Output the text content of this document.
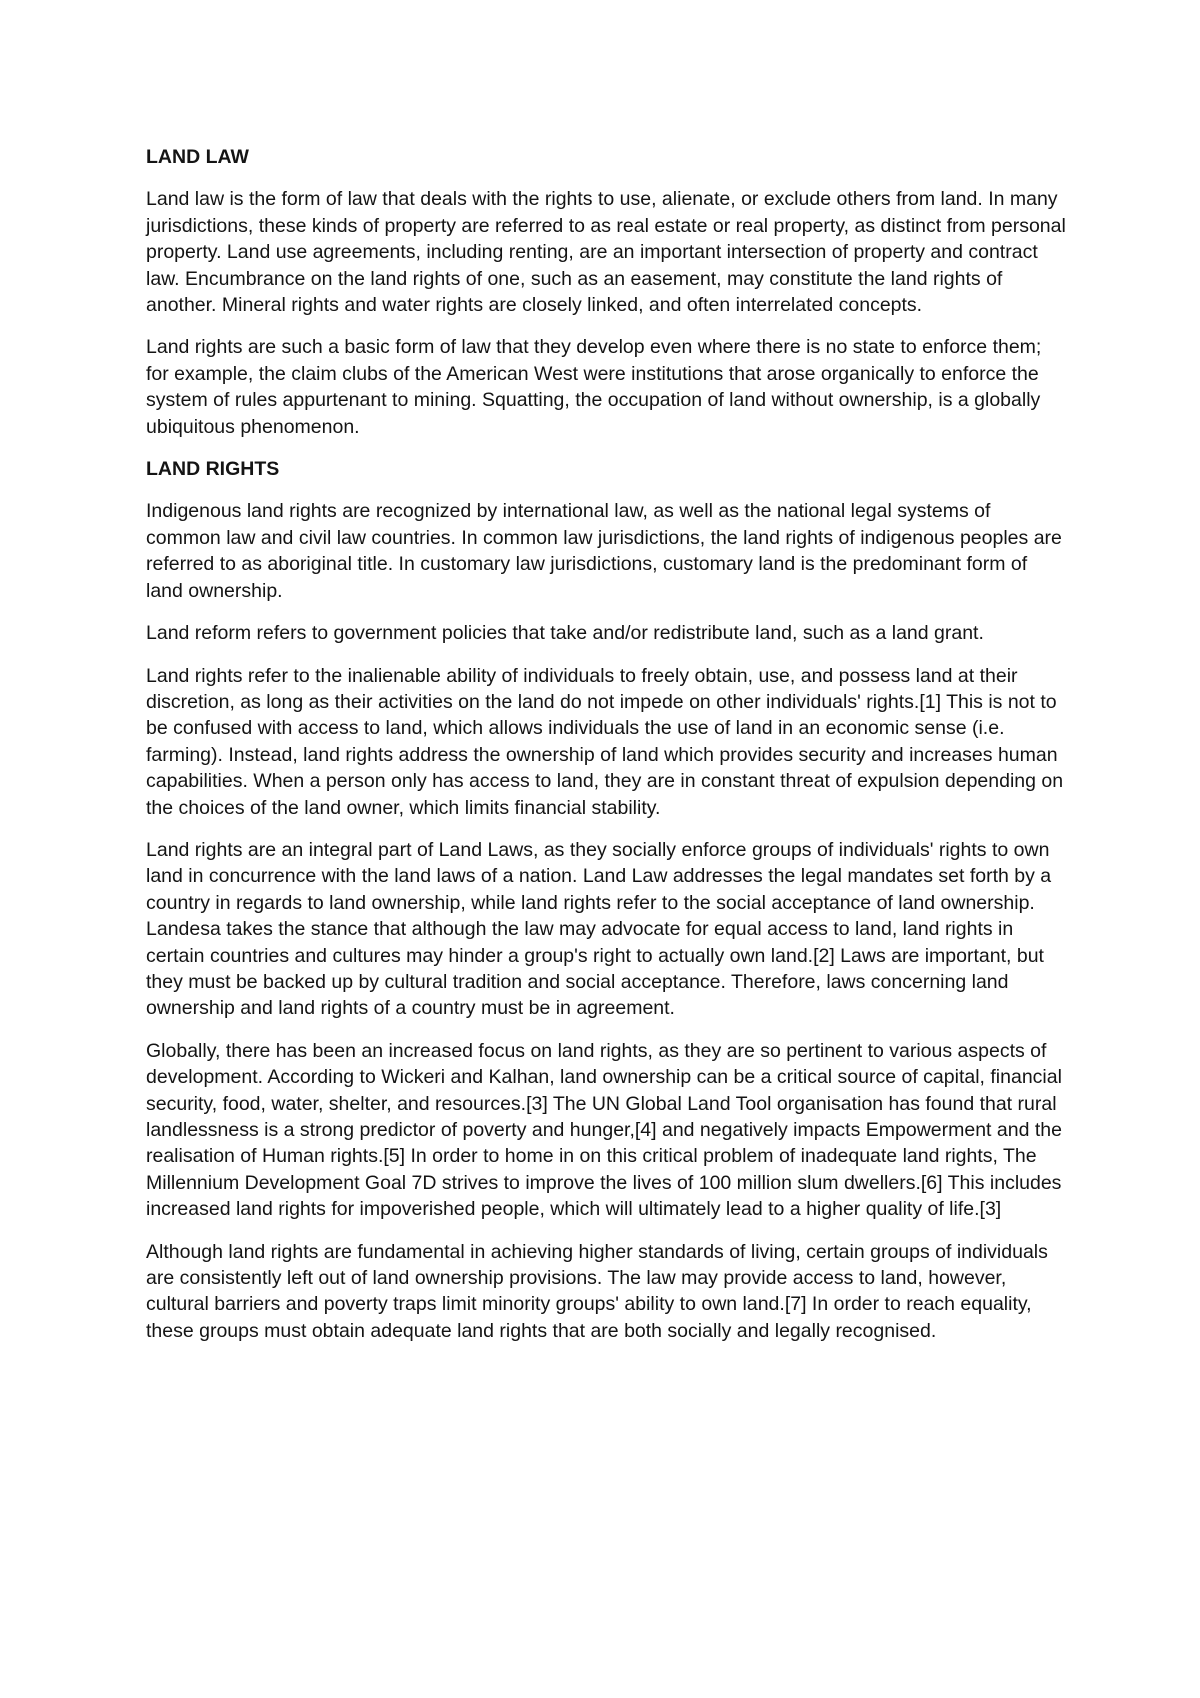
LAND LAW

Land law is the form of law that deals with the rights to use, alienate, or exclude others from land. In many jurisdictions, these kinds of property are referred to as real estate or real property, as distinct from personal property. Land use agreements, including renting, are an important intersection of property and contract law. Encumbrance on the land rights of one, such as an easement, may constitute the land rights of another. Mineral rights and water rights are closely linked, and often interrelated concepts.

Land rights are such a basic form of law that they develop even where there is no state to enforce them; for example, the claim clubs of the American West were institutions that arose organically to enforce the system of rules appurtenant to mining. Squatting, the occupation of land without ownership, is a globally ubiquitous phenomenon.

LAND RIGHTS

Indigenous land rights are recognized by international law, as well as the national legal systems of common law and civil law countries. In common law jurisdictions, the land rights of indigenous peoples are referred to as aboriginal title. In customary law jurisdictions, customary land is the predominant form of land ownership.

Land reform refers to government policies that take and/or redistribute land, such as a land grant.

Land rights refer to the inalienable ability of individuals to freely obtain, use, and possess land at their discretion, as long as their activities on the land do not impede on other individuals' rights.[1] This is not to be confused with access to land, which allows individuals the use of land in an economic sense (i.e. farming). Instead, land rights address the ownership of land which provides security and increases human capabilities. When a person only has access to land, they are in constant threat of expulsion depending on the choices of the land owner, which limits financial stability.

Land rights are an integral part of Land Laws, as they socially enforce groups of individuals' rights to own land in concurrence with the land laws of a nation. Land Law addresses the legal mandates set forth by a country in regards to land ownership, while land rights refer to the social acceptance of land ownership. Landesa takes the stance that although the law may advocate for equal access to land, land rights in certain countries and cultures may hinder a group's right to actually own land.[2] Laws are important, but they must be backed up by cultural tradition and social acceptance. Therefore, laws concerning land ownership and land rights of a country must be in agreement.

Globally, there has been an increased focus on land rights, as they are so pertinent to various aspects of development. According to Wickeri and Kalhan, land ownership can be a critical source of capital, financial security, food, water, shelter, and resources.[3] The UN Global Land Tool organisation has found that rural landlessness is a strong predictor of poverty and hunger,[4] and negatively impacts Empowerment and the realisation of Human rights.[5] In order to home in on this critical problem of inadequate land rights, The Millennium Development Goal 7D strives to improve the lives of 100 million slum dwellers.[6] This includes increased land rights for impoverished people, which will ultimately lead to a higher quality of life.[3]

Although land rights are fundamental in achieving higher standards of living, certain groups of individuals are consistently left out of land ownership provisions. The law may provide access to land, however, cultural barriers and poverty traps limit minority groups' ability to own land.[7] In order to reach equality, these groups must obtain adequate land rights that are both socially and legally recognised.
